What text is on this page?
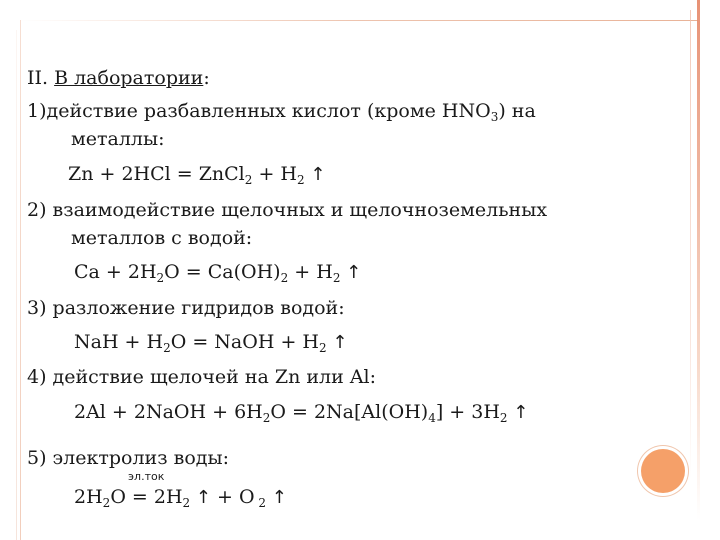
II. В лаборатории:
1)действие разбавленных кислот (кроме $HNO_3$) на
металлы:
Zn + 2HCl = ZnCl$_2$ + $H_2$ ↑
2) взаимодействие щелочных и щелочноземельных
металлов с водой:
$Ca + 2H_2O = Ca(OH)_2 + H_2$ ↑
3) разложение гидридов водой:
NaH + $H_2O$ = NaOH + $H_2$ ↑
4) действие щелочей на Zn или Al:
2Al + 2NaOH + $6H_2O = 2Na[Al(OH)_4] + 3H_2$ ↑
5) электролиз воды:
эл.ток
$2H_2O = 2H_2$ ↑ + O $_2$ ↑
